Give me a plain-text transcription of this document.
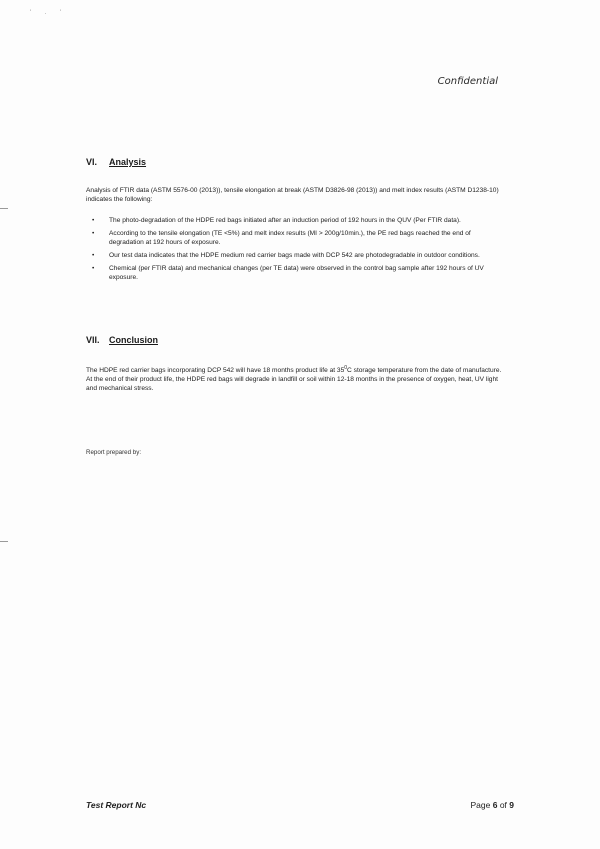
' . '
Confidential
VI. Analysis
Analysis of FTIR data (ASTM 5576-00 (2013)), tensile elongation at break (ASTM D3826-98 (2013)) and melt index results (ASTM D1238-10) indicates the following:
• The photo-degradation of the HDPE red bags initiated after an induction period of 192 hours in the QUV (Per FTIR data).
• According to the tensile elongation (TE <5%) and melt index results (MI > 200g/10min.), the PE red bags reached the end of degradation at 192 hours of exposure.
• Our test data indicates that the HDPE medium red carrier bags made with DCP 542 are photodegradable in outdoor conditions.
• Chemical (per FTIR data) and mechanical changes (per TE data) were observed in the control bag sample after 192 hours of UV exposure.
VII. Conclusion
The HDPE red carrier bags incorporating DCP 542 will have 18 months product life at $35^0C$ storage temperature from the date of manufacture. At the end of their product life, the HDPE red bags will degrade in landfill or soil within 12-18 months in the presence of oxygen, heat, UV light and mechanical stress.
Report prepared by:
Test Report Nc	Page 6 of 9
